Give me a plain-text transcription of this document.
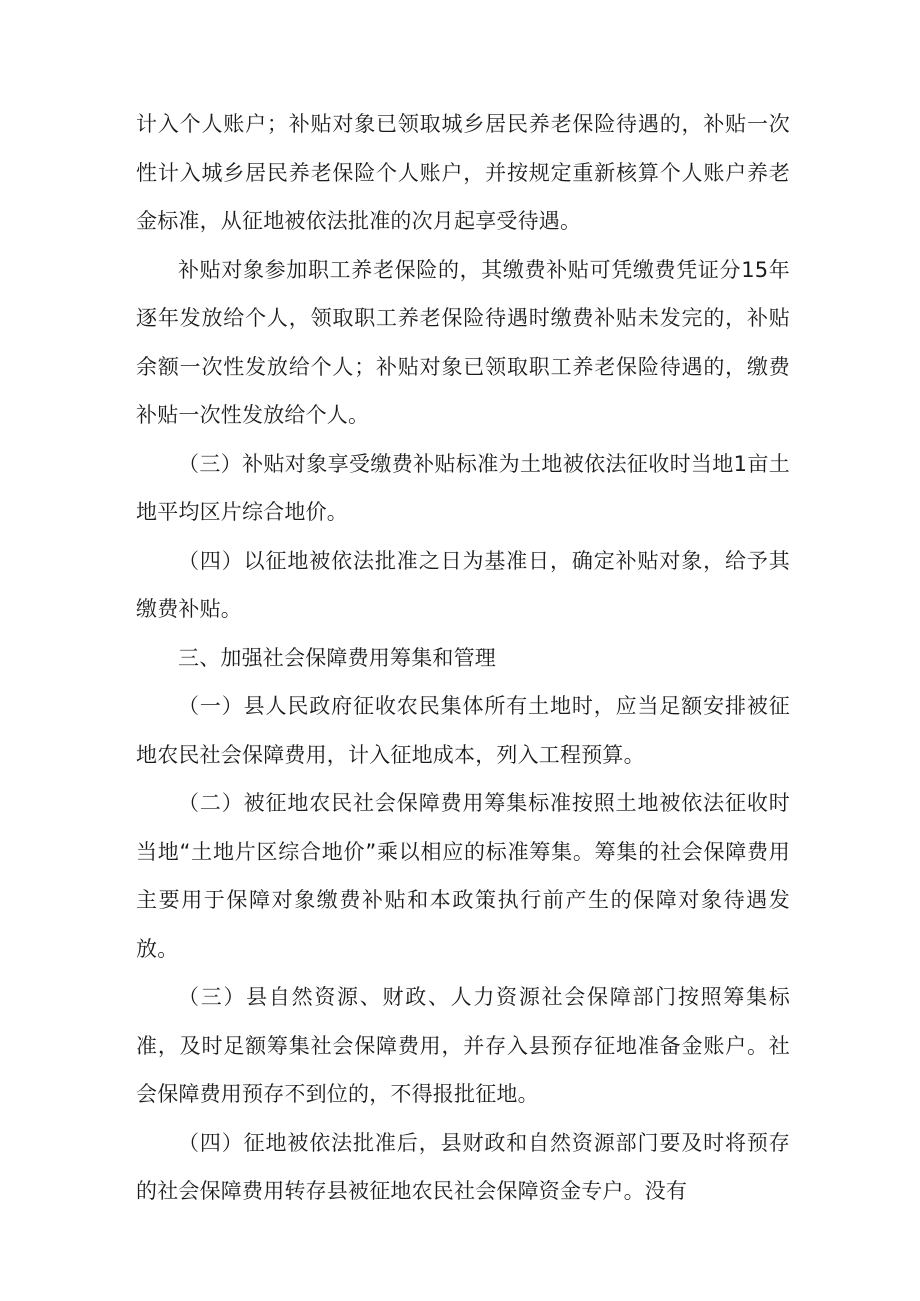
计入个人账户；补贴对象已领取城乡居民养老保险待遇的，补贴一次性计入城乡居民养老保险个人账户，并按规定重新核算个人账户养老金标准，从征地被依法批准的次月起享受待遇。

补贴对象参加职工养老保险的，其缴费补贴可凭缴费凭证分15年逐年发放给个人，领取职工养老保险待遇时缴费补贴未发完的，补贴余额一次性发放给个人；补贴对象已领取职工养老保险待遇的，缴费补贴一次性发放给个人。

（三）补贴对象享受缴费补贴标准为土地被依法征收时当地1亩土地平均区片综合地价。

（四）以征地被依法批准之日为基准日，确定补贴对象，给予其缴费补贴。

三、加强社会保障费用筹集和管理

（一）县人民政府征收农民集体所有土地时，应当足额安排被征地农民社会保障费用，计入征地成本，列入工程预算。

（二）被征地农民社会保障费用筹集标准按照土地被依法征收时当地“土地片区综合地价”乘以相应的标准筹集。筹集的社会保障费用主要用于保障对象缴费补贴和本政策执行前产生的保障对象待遇发放。

（三）县自然资源、财政、人力资源社会保障部门按照筹集标准，及时足额筹集社会保障费用，并存入县预存征地准备金账户。社会保障费用预存不到位的，不得报批征地。

（四）征地被依法批准后，县财政和自然资源部门要及时将预存的社会保障费用转存县被征地农民社会保障资金专户。没有
